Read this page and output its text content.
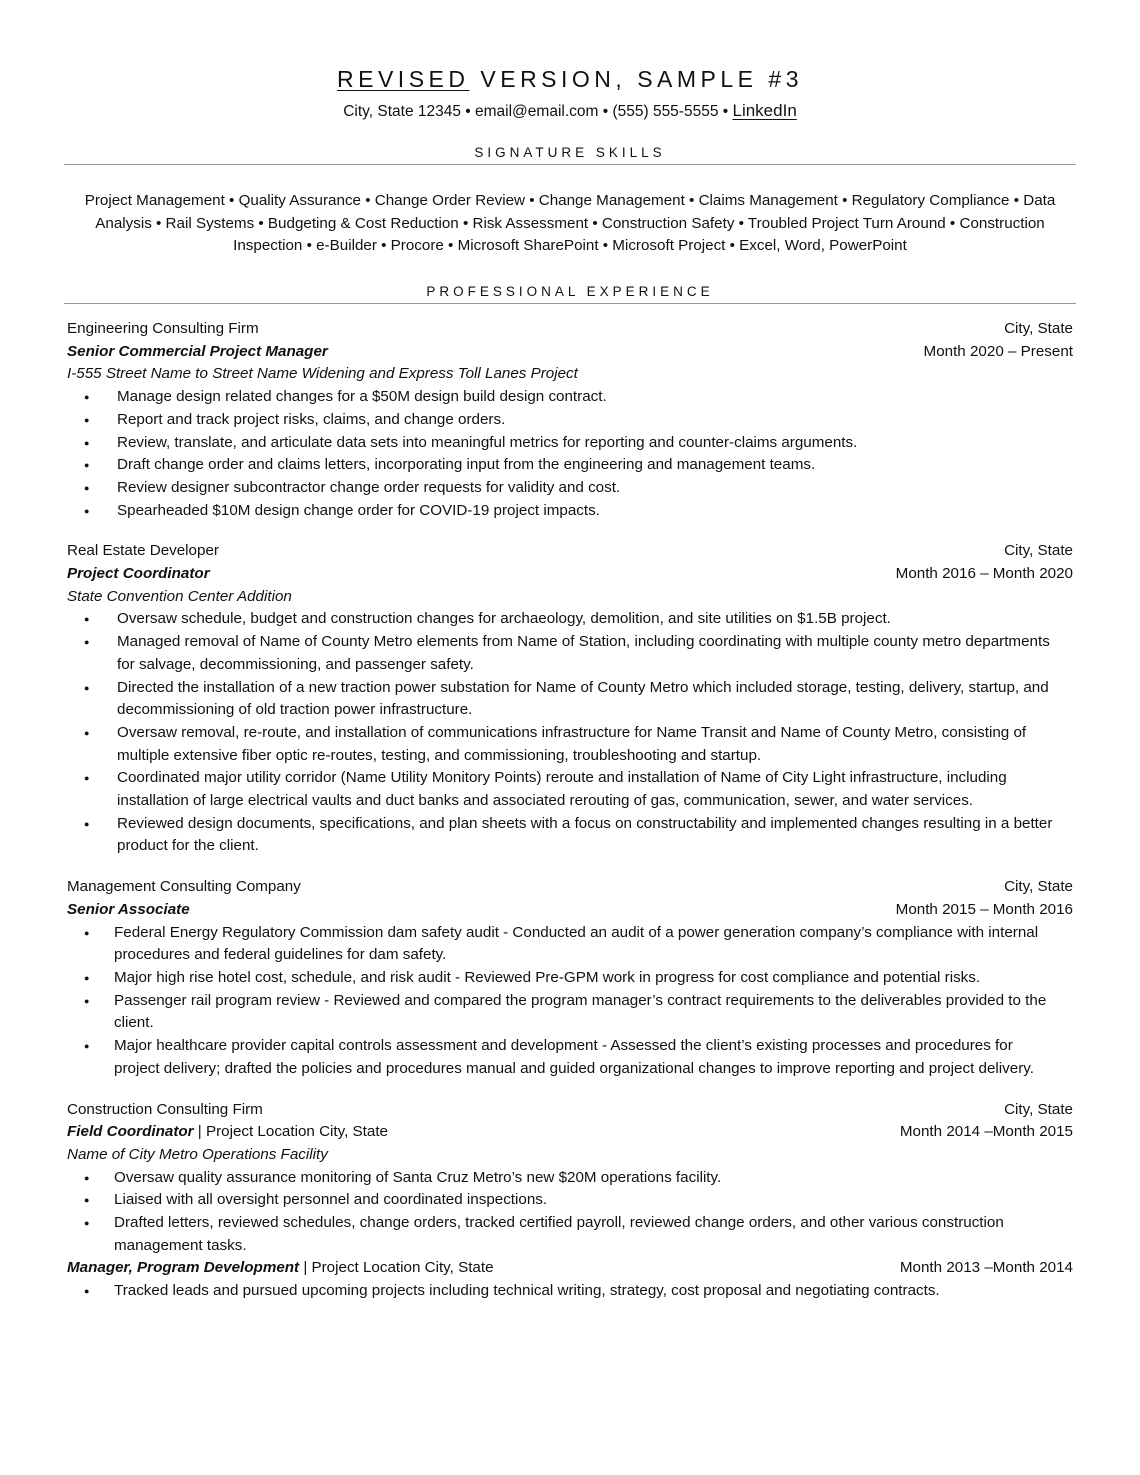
REVISED VERSION, SAMPLE #3
City, State 12345 • email@email.com • (555) 555-5555 • LinkedIn
SIGNATURE SKILLS
Project Management • Quality Assurance • Change Order Review • Change Management • Claims Management • Regulatory Compliance • Data Analysis • Rail Systems • Budgeting & Cost Reduction • Risk Assessment • Construction Safety • Troubled Project Turn Around • Construction Inspection • e-Builder • Procore • Microsoft SharePoint • Microsoft Project • Excel, Word, PowerPoint
PROFESSIONAL EXPERIENCE
Engineering Consulting Firm	City, State
Senior Commercial Project Manager	Month 2020 – Present
I-555 Street Name to Street Name Widening and Express Toll Lanes Project
● Manage design related changes for a $50M design build design contract.
● Report and track project risks, claims, and change orders.
● Review, translate, and articulate data sets into meaningful metrics for reporting and counter-claims arguments.
● Draft change order and claims letters, incorporating input from the engineering and management teams.
● Review designer subcontractor change order requests for validity and cost.
● Spearheaded $10M design change order for COVID-19 project impacts.
Real Estate Developer	City, State
Project Coordinator	Month 2016 – Month 2020
State Convention Center Addition
● Oversaw schedule, budget and construction changes for archaeology, demolition, and site utilities on $1.5B project.
● Managed removal of Name of County Metro elements from Name of Station, including coordinating with multiple county metro departments for salvage, decommissioning, and passenger safety.
● Directed the installation of a new traction power substation for Name of County Metro which included storage, testing, delivery, startup, and decommissioning of old traction power infrastructure.
● Oversaw removal, re-route, and installation of communications infrastructure for Name Transit and Name of County Metro, consisting of multiple extensive fiber optic re-routes, testing, and commissioning, troubleshooting and startup.
● Coordinated major utility corridor (Name Utility Monitory Points) reroute and installation of Name of City Light infrastructure, including installation of large electrical vaults and duct banks and associated rerouting of gas, communication, sewer, and water services.
● Reviewed design documents, specifications, and plan sheets with a focus on constructability and implemented changes resulting in a better product for the client.
Management Consulting Company	City, State
Senior Associate	Month 2015 – Month 2016
● Federal Energy Regulatory Commission dam safety audit - Conducted an audit of a power generation company’s compliance with internal procedures and federal guidelines for dam safety.
● Major high rise hotel cost, schedule, and risk audit - Reviewed Pre-GPM work in progress for cost compliance and potential risks.
● Passenger rail program review - Reviewed and compared the program manager’s contract requirements to the deliverables provided to the client.
● Major healthcare provider capital controls assessment and development - Assessed the client’s existing processes and procedures for project delivery; drafted the policies and procedures manual and guided organizational changes to improve reporting and project delivery.
Construction Consulting Firm	City, State
Field Coordinator | Project Location City, State	Month 2014 –Month 2015
Name of City Metro Operations Facility
● Oversaw quality assurance monitoring of Santa Cruz Metro’s new $20M operations facility.
● Liaised with all oversight personnel and coordinated inspections.
● Drafted letters, reviewed schedules, change orders, tracked certified payroll, reviewed change orders, and other various construction management tasks.
Manager, Program Development | Project Location City, State	Month 2013 –Month 2014
● Tracked leads and pursued upcoming projects including technical writing, strategy, cost proposal and negotiating contracts.
